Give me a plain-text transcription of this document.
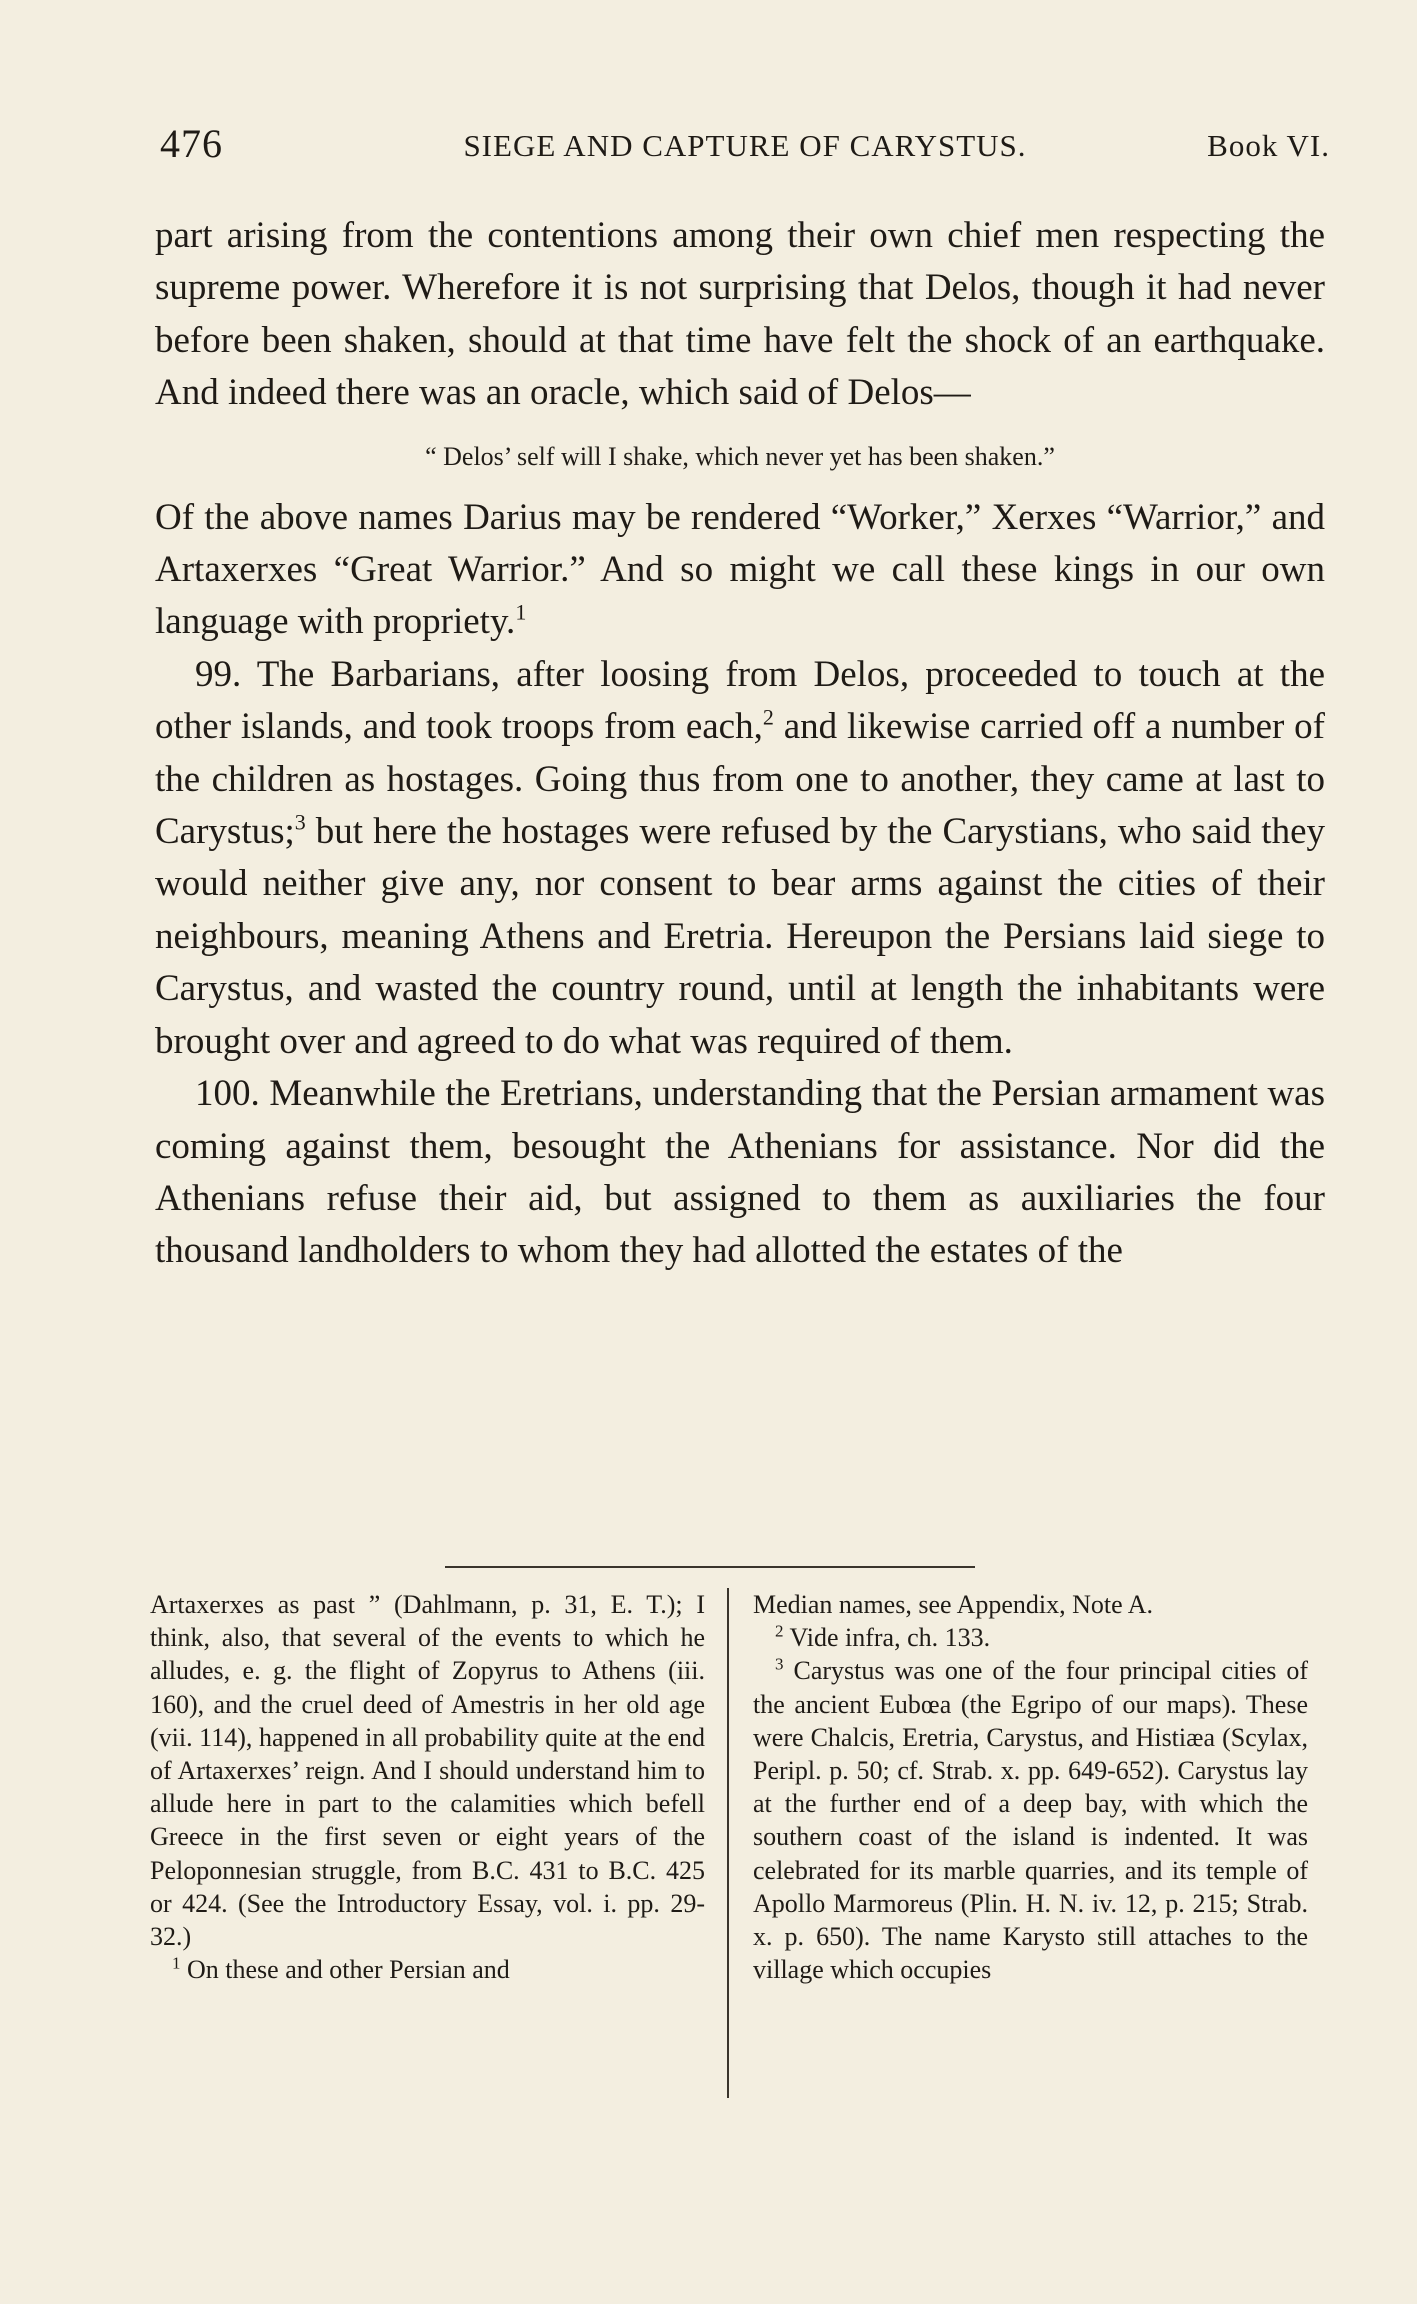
476	SIEGE AND CAPTURE OF CARYSTUS.	Book VI.

part arising from the contentions among their own chief men respecting the supreme power. Wherefore it is not surprising that Delos, though it had never before been shaken, should at that time have felt the shock of an earthquake. And indeed there was an oracle, which said of Delos—

“ Delos’ self will I shake, which never yet has been shaken.”

Of the above names Darius may be rendered “Worker,” Xerxes “Warrior,” and Artaxerxes “Great Warrior.” And so might we call these kings in our own language with propriety.$^1$

99. The Barbarians, after loosing from Delos, proceeded to touch at the other islands, and took troops from each,$^2$ and likewise carried off a number of the children as hostages. Going thus from one to another, they came at last to Carystus;$^3$ but here the hostages were refused by the Carystians, who said they would neither give any, nor consent to bear arms against the cities of their neighbours, meaning Athens and Eretria. Hereupon the Persians laid siege to Carystus, and wasted the country round, until at length the inhabitants were brought over and agreed to do what was required of them.

100. Meanwhile the Eretrians, understanding that the Persian armament was coming against them, besought the Athenians for assistance. Nor did the Athenians refuse their aid, but assigned to them as auxiliaries the four thousand landholders to whom they had allotted the estates of the

Artaxerxes as past ” (Dahlmann, p. 31, E. T.); I think, also, that several of the events to which he alludes, e. g. the flight of Zopyrus to Athens (iii. 160), and the cruel deed of Amestris in her old age (vii. 114), happened in all probability quite at the end of Artaxerxes’ reign. And I should understand him to allude here in part to the calamities which befell Greece in the first seven or eight years of the Peloponnesian struggle, from B.C. 431 to B.C. 425 or 424. (See the Introductory Essay, vol. i. pp. 29-32.)

$^1$ On these and other Persian and

Median names, see Appendix, Note A.

$^2$ Vide infra, ch. 133.

$^3$ Carystus was one of the four principal cities of the ancient Eubœa (the Egripo of our maps). These were Chalcis, Eretria, Carystus, and Histiæa (Scylax, Peripl. p. 50; cf. Strab. x. pp. 649-652). Carystus lay at the further end of a deep bay, with which the southern coast of the island is indented. It was celebrated for its marble quarries, and its temple of Apollo Marmoreus (Plin. H. N. iv. 12, p. 215; Strab. x. p. 650). The name Karysto still attaches to the village which occupies
